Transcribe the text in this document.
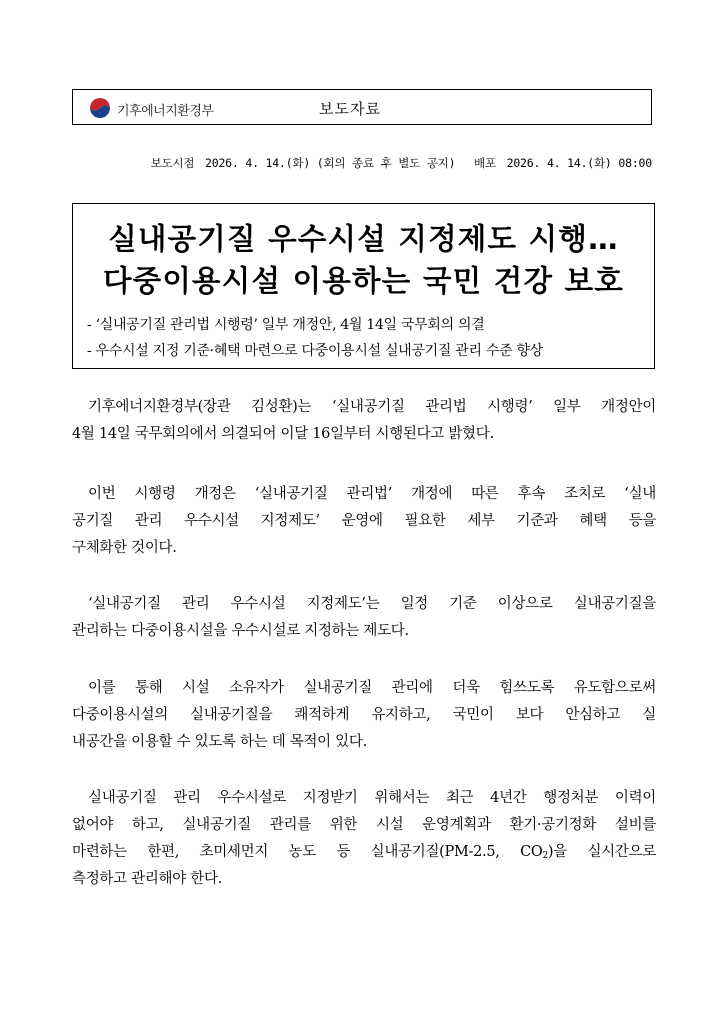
기후에너지환경부	보도자료
보도시점 2026. 4. 14.(화) (회의 종료 후 별도 공지) 배포 2026. 4. 14.(화) 08:00
실내공기질 우수시설 지정제도 시행…
다중이용시설 이용하는 국민 건강 보호
- ‘실내공기질 관리법 시행령’ 일부 개정안, 4월 14일 국무회의 의결
- 우수시설 지정 기준·혜택 마련으로 다중이용시설 실내공기질 관리 수준 향상
기후에너지환경부(장관 김성환)는 ‘실내공기질 관리법 시행령’ 일부 개정안이
4월 14일 국무회의에서 의결되어 이달 16일부터 시행된다고 밝혔다.
이번 시행령 개정은 ‘실내공기질 관리법’ 개정에 따른 후속 조치로 ‘실내
공기질 관리 우수시설 지정제도’ 운영에 필요한 세부 기준과 혜택 등을
구체화한 것이다.
‘실내공기질 관리 우수시설 지정제도’는 일정 기준 이상으로 실내공기질을
관리하는 다중이용시설을 우수시설로 지정하는 제도다.
이를 통해 시설 소유자가 실내공기질 관리에 더욱 힘쓰도록 유도함으로써
다중이용시설의 실내공기질을 쾌적하게 유지하고, 국민이 보다 안심하고 실
내공간을 이용할 수 있도록 하는 데 목적이 있다.
실내공기질 관리 우수시설로 지정받기 위해서는 최근 4년간 행정처분 이력이
없어야 하고, 실내공기질 관리를 위한 시설 운영계획과 환기·공기정화 설비를
마련하는 한편, 초미세먼지 농도 등 실내공기질(PM-2.5, $CO_2$)을 실시간으로
측정하고 관리해야 한다.
